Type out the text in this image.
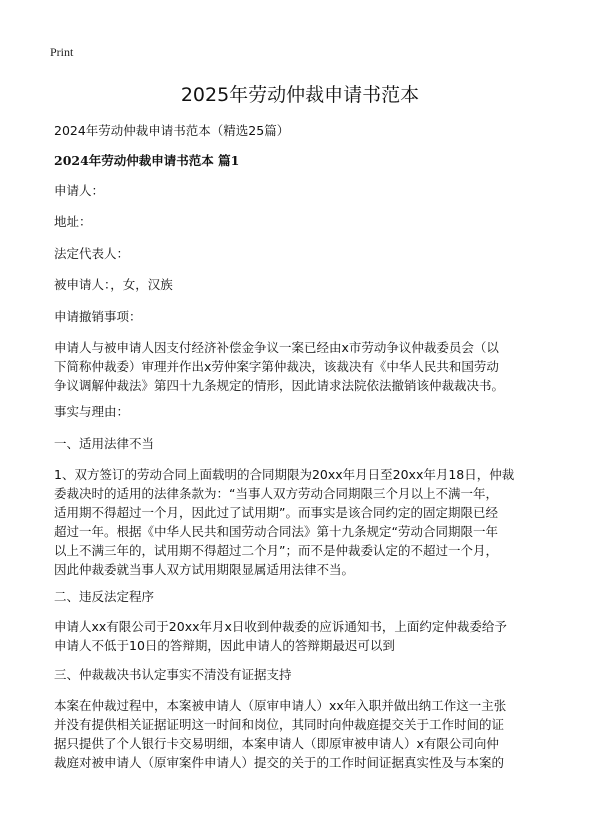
Print
2025年劳动仲裁申请书范本
2024年劳动仲裁申请书范本（精选25篇）
2024年劳动仲裁申请书范本 篇1
申请人：
地址：
法定代表人：
被申请人：，女，汉族
申请撤销事项：
申请人与被申请人因支付经济补偿金争议一案已经由x市劳动争议仲裁委员会（以
下简称仲裁委）审理并作出x劳仲案字第仲裁决，该裁决有《中华人民共和国劳动
争议调解仲裁法》第四十九条规定的情形，因此请求法院依法撤销该仲裁裁决书。
事实与理由：
一、适用法律不当
1、双方签订的劳动合同上面载明的合同期限为20xx年月日至20xx年月18日，仲裁
委裁决时的适用的法律条款为：“当事人双方劳动合同期限三个月以上不满一年，
适用期不得超过一个月，因此过了试用期”。而事实是该合同约定的固定期限已经
超过一年。根据《中华人民共和国劳动合同法》第十九条规定“劳动合同期限一年
以上不满三年的，试用期不得超过二个月”；而不是仲裁委认定的不超过一个月，
因此仲裁委就当事人双方试用期限显属适用法律不当。
二、违反法定程序
申请人xx有限公司于20xx年月x日收到仲裁委的应诉通知书，上面约定仲裁委给予
申请人不低于10日的答辩期，因此申请人的答辩期最迟可以到
三、仲裁裁决书认定事实不清没有证据支持
本案在仲裁过程中，本案被申请人（原审申请人）xx年入职并做出纳工作这一主张
并没有提供相关证据证明这一时间和岗位，其同时向仲裁庭提交关于工作时间的证
据只提供了个人银行卡交易明细，本案申请人（即原审被申请人）x有限公司向仲
裁庭对被申请人（原审案件申请人）提交的关于的工作时间证据真实性及与本案的
